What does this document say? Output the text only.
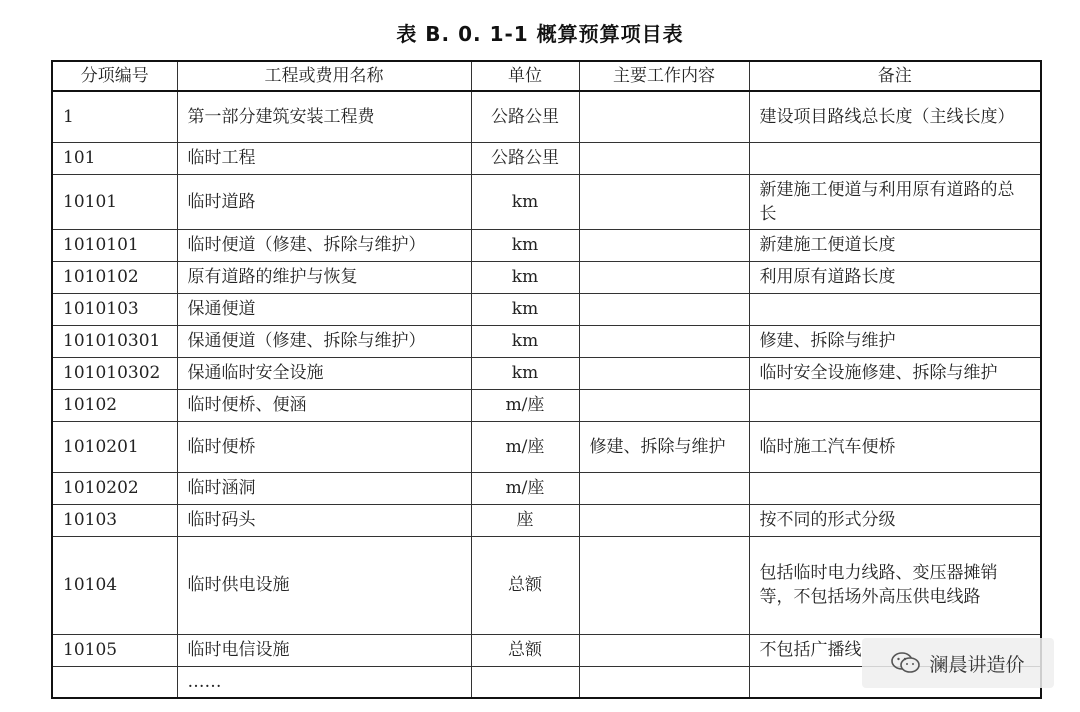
表 B. 0. 1-1 概算预算项目表
分项编号	工程或费用名称	单位	主要工作内容	备注
1	第一部分建筑安装工程费	公路公里		建设项目路线总长度（主线长度）
101	临时工程	公路公里		
10101	临时道路	km		新建施工便道与利用原有道路的总长
1010101	临时便道（修建、拆除与维护）	km		新建施工便道长度
1010102	原有道路的维护与恢复	km		利用原有道路长度
1010103	保通便道	km		
101010301	保通便道（修建、拆除与维护）	km		修建、拆除与维护
101010302	保通临时安全设施	km		临时安全设施修建、拆除与维护
10102	临时便桥、便涵	m/座		
1010201	临时便桥	m/座	修建、拆除与维护	临时施工汽车便桥
1010202	临时涵洞	m/座		
10103	临时码头	座		按不同的形式分级
10104	临时供电设施	总额		包括临时电力线路、变压器摊销等，不包括场外高压供电线路
10105	临时电信设施	总额		不包括广播线
	……			
澜晨讲造价
